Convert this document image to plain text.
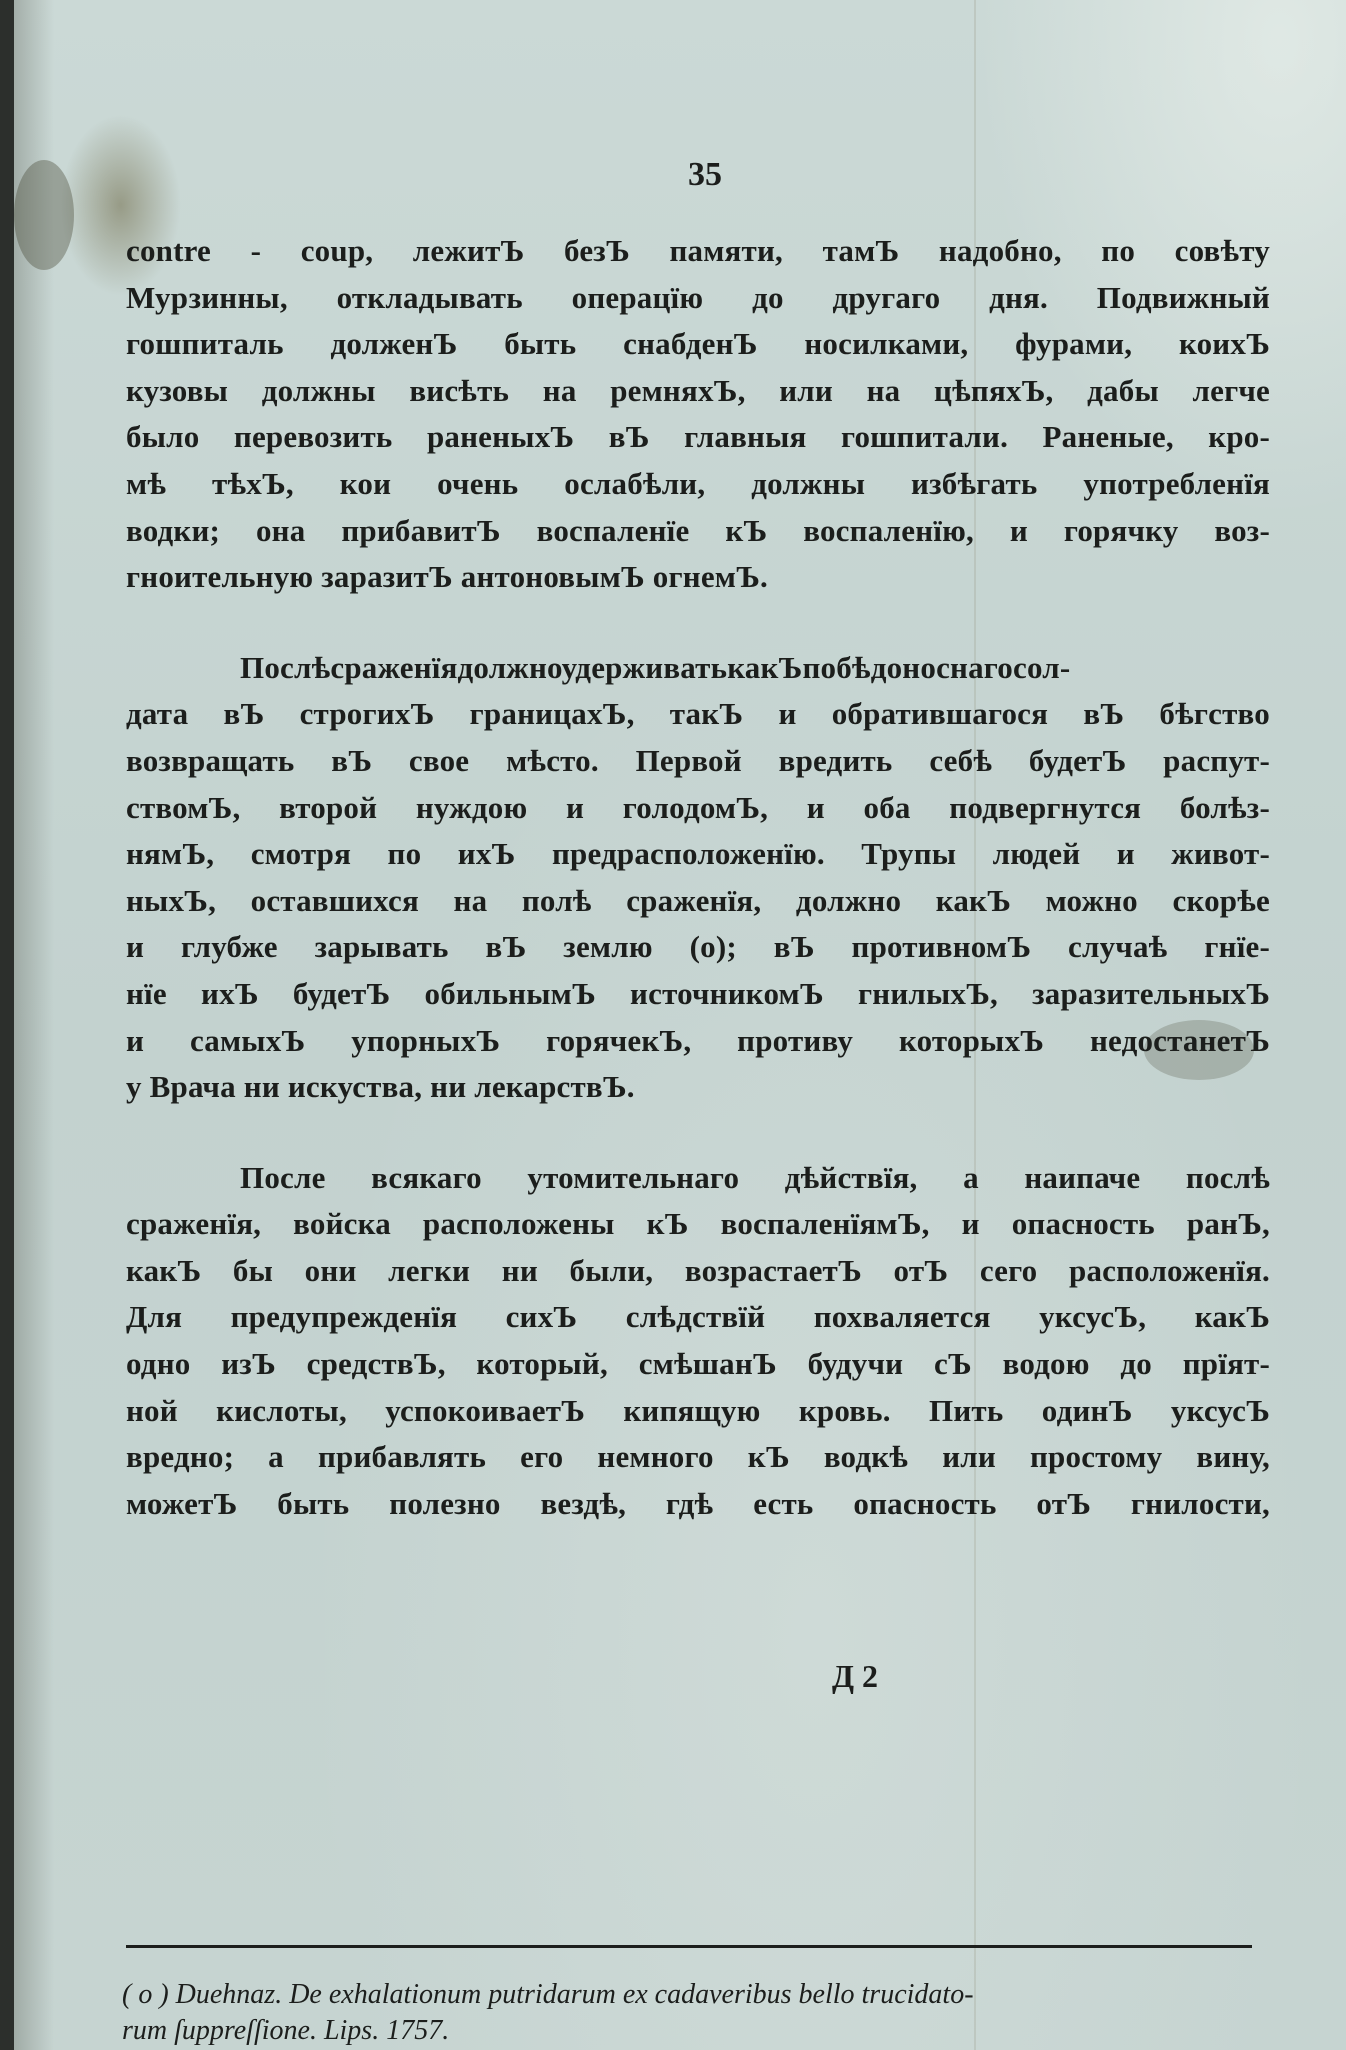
35
contre - coup, лежитЪ безЪ памяти, тамЪ надобно, по совѣту
Мурзинны, откладывать операцїю до другаго дня. Подвижный
гошпиталь долженЪ быть снабденЪ носилками, фурами, коихЪ
кузовы должны висѣть на ремняхЪ, или на цѣпяхЪ, дабы легче
было перевозить раненыхЪ вЪ главныя гошпитали. Раненые, кро-
мѣ тѣхЪ, кои очень ослабѣли, должны избѣгать употребленїя
водки; она прибавитЪ воспаленїе кЪ воспаленїю, и горячку воз-
гноительную заразитЪ антоновымЪ огнемЪ.
ПослѣсраженїядолжноудерживатькакЪпобѣдоноснагосол-
дата вЪ строгихЪ границахЪ, такЪ и обратившагося вЪ бѣгство
возвращать вЪ свое мѣсто. Первой вредить себѣ будетЪ распут-
ствомЪ, второй нуждою и голодомЪ, и оба подвергнутся болѣз-
нямЪ, смотря по ихЪ предрасположенїю. Трупы людей и живот-
ныхЪ, оставшихся на полѣ сраженїя, должно какЪ можно скорѣе
и глубже зарывать вЪ землю (о); вЪ противномЪ случаѣ гнїе-
нїе ихЪ будетЪ обильнымЪ источникомЪ гнилыхЪ, заразительныхЪ
и самыхЪ упорныхЪ горячекЪ, противу которыхЪ недостанетЪ
у Врача ни искуства, ни лекарствЪ.
После всякаго утомительнаго дѣйствїя, а наипаче послѣ
сраженїя, войска расположены кЪ воспаленїямЪ, и опасность ранЪ,
какЪ бы они легки ни были, возрастаетЪ отЪ сего расположенїя.
Для предупрежденїя сихЪ слѣдствїй похваляется уксусЪ, какЪ
одно изЪ средствЪ, который, смѣшанЪ будучи сЪ водою до прїят-
ной кислоты, успокоиваетЪ кипящую кровь. Пить одинЪ уксусЪ
вредно; а прибавлять его немного кЪ водкѣ или простому вину,
можетЪ быть полезно вездѣ, гдѣ есть опасность отЪ гнилости,
( o ) Duehnaz. De exhalationum putridarum ex cadaveribus bello trucidato-
rum ſuppreſſione. Lips. 1757.
Д 2
